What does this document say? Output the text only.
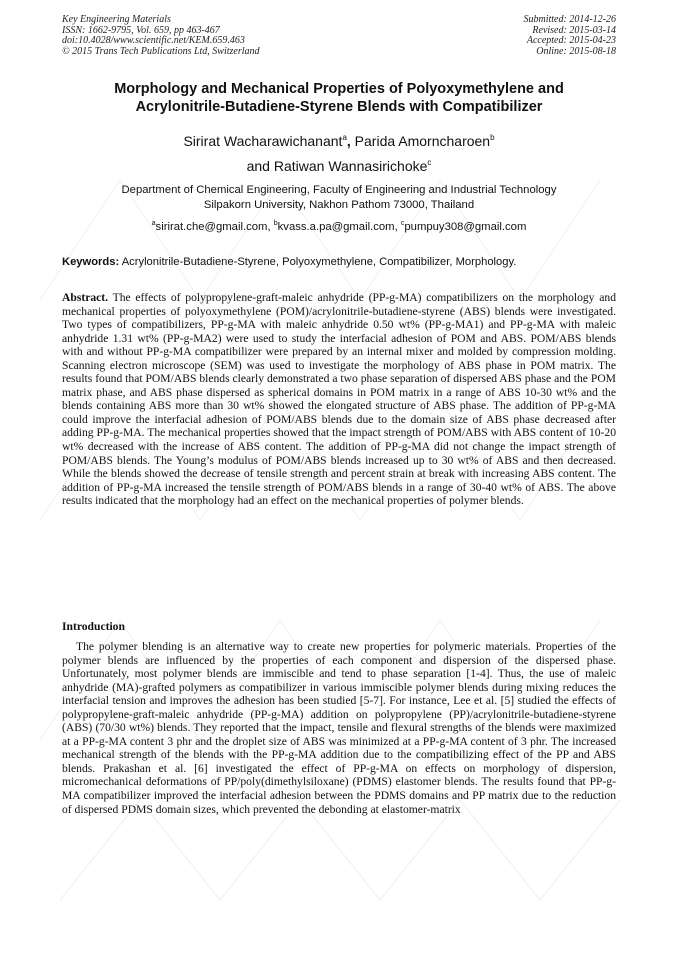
Key Engineering Materials
ISSN: 1662-9795, Vol. 659, pp 463-467
doi:10.4028/www.scientific.net/KEM.659.463
© 2015 Trans Tech Publications Ltd, Switzerland
Submitted: 2014-12-26
Revised: 2015-03-14
Accepted: 2015-04-23
Online: 2015-08-18
Morphology and Mechanical Properties of Polyoxymethylene and
Acrylonitrile-Butadiene-Styrene Blends with Compatibilizer
Sirirat Wacharawichanant$^a$, Parida Amorncharoen$^b$
and Ratiwan Wannasirichoke$^c$
Department of Chemical Engineering, Faculty of Engineering and Industrial Technology
Silpakorn University, Nakhon Pathom 73000, Thailand
$^a$sirirat.che@gmail.com, $^b$kvass.a.pa@gmail.com, $^c$pumpuy308@gmail.com
Keywords: Acrylonitrile-Butadiene-Styrene, Polyoxymethylene, Compatibilizer, Morphology.
Abstract. The effects of polypropylene-graft-maleic anhydride (PP-g-MA) compatibilizers on the morphology and mechanical properties of polyoxymethylene (POM)/acrylonitrile-butadiene-styrene (ABS) blends were investigated. Two types of compatibilizers, PP-g-MA with maleic anhydride 0.50 wt% (PP-g-MA1) and PP-g-MA with maleic anhydride 1.31 wt% (PP-g-MA2) were used to study the interfacial adhesion of POM and ABS. POM/ABS blends with and without PP-g-MA compatibilizer were prepared by an internal mixer and molded by compression molding. Scanning electron microscope (SEM) was used to investigate the morphology of ABS phase in POM matrix. The results found that POM/ABS blends clearly demonstrated a two phase separation of dispersed ABS phase and the POM matrix phase, and ABS phase dispersed as spherical domains in POM matrix in a range of ABS 10-30 wt% and the blends containing ABS more than 30 wt% showed the elongated structure of ABS phase. The addition of PP-g-MA could improve the interfacial adhesion of POM/ABS blends due to the domain size of ABS phase decreased after adding PP-g-MA. The mechanical properties showed that the impact strength of POM/ABS with ABS content of 10-20 wt% decreased with the increase of ABS content. The addition of PP-g-MA did not change the impact strength of POM/ABS blends. The Young’s modulus of POM/ABS blends increased up to 30 wt% of ABS and then decreased. While the blends showed the decrease of tensile strength and percent strain at break with increasing ABS content. The addition of PP-g-MA increased the tensile strength of POM/ABS blends in a range of 30-40 wt% of ABS. The above results indicated that the morphology had an effect on the mechanical properties of polymer blends.
Introduction
The polymer blending is an alternative way to create new properties for polymeric materials. Properties of the polymer blends are influenced by the properties of each component and dispersion of the dispersed phase. Unfortunately, most polymer blends are immiscible and tend to phase separation [1-4]. Thus, the use of maleic anhydride (MA)-grafted polymers as compatibilizer in various immiscible polymer blends during mixing reduces the interfacial tension and improves the adhesion has been studied [5-7]. For instance, Lee et al. [5] studied the effects of polypropylene-graft-maleic anhydride (PP-g-MA) addition on polypropylene (PP)/acrylonitrile-butadiene-styrene (ABS) (70/30 wt%) blends. They reported that the impact, tensile and flexural strengths of the blends were maximized at a PP-g-MA content 3 phr and the droplet size of ABS was minimized at a PP-g-MA content of 3 phr. The increased mechanical strength of the blends with the PP-g-MA addition due to the compatibilizing effect of the PP and ABS blends. Prakashan et al. [6] investigated the effect of PP-g-MA on effects on morphology of dispersion, micromechanical deformations of PP/poly(dimethylsiloxane) (PDMS) elastomer blends. The results found that PP-g-MA compatibilizer improved the interfacial adhesion between the PDMS domains and PP matrix due to the reduction of dispersed PDMS domain sizes, which prevented the debonding at elastomer-matrix
